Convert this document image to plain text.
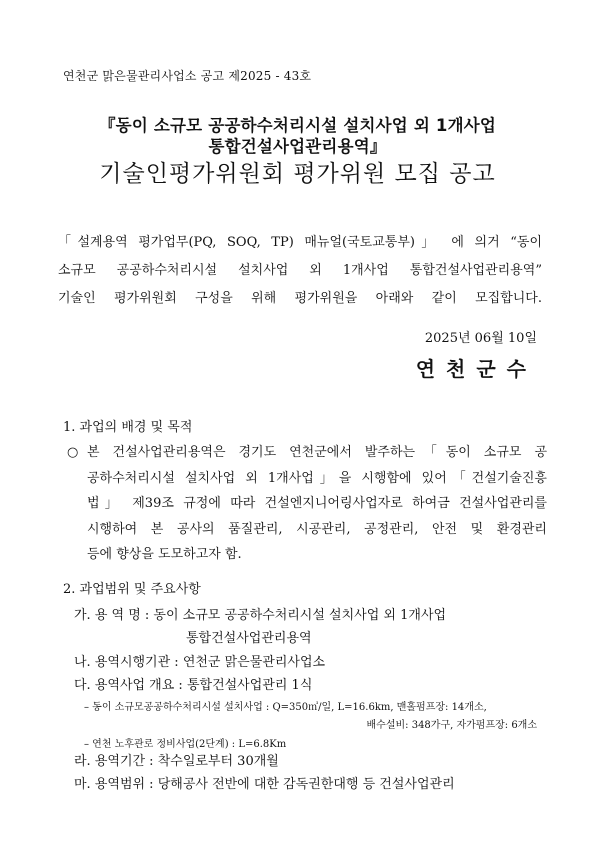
연천군 맑은물관리사업소 공고 제2025 - 43호
『동이 소규모 공공하수처리시설 설치사업 외 1개사업
통합건설사업관리용역』
기술인평가위원회 평가위원 모집 공고
「설계용역 평가업무(PQ, SOQ, TP) 매뉴얼(국토교통부)」 에 의거 “동이
소규모 공공하수처리시설 설치사업 외 1개사업 통합건설사업관리용역”
기술인 평가위원회 구성을 위해 평가위원을 아래와 같이 모집합니다.
2025년 06월 10일
연천군수
1. 과업의 배경 및 목적
○ 본 건설사업관리용역은 경기도 연천군에서 발주하는「동이 소규모 공
공하수처리시설 설치사업 외 1개사업」을 시행함에 있어「건설기술진흥
법」 제39조 규정에 따라 건설엔지니어링사업자로 하여금 건설사업관리를
시행하여 본 공사의 품질관리, 시공관리, 공정관리, 안전 및 환경관리
등에 향상을 도모하고자 함.
2. 과업범위 및 주요사항
가. 용 역 명 : 동이 소규모 공공하수처리시설 설치사업 외 1개사업
통합건설사업관리용역
나. 용역시행기관 : 연천군 맑은물관리사업소
다. 용역사업 개요 : 통합건설사업관리 1식
– 동이 소규모공공하수처리시설 설치사업 : Q=350㎥/일, L=16.6km, 맨홀펌프장: 14개소,
배수설비: 348가구, 자가펌프장: 6개소
– 연천 노후관로 정비사업(2단계) : L=6.8Km
라. 용역기간 : 착수일로부터 30개월
마. 용역범위 : 당해공사 전반에 대한 감독권한대행 등 건설사업관리
